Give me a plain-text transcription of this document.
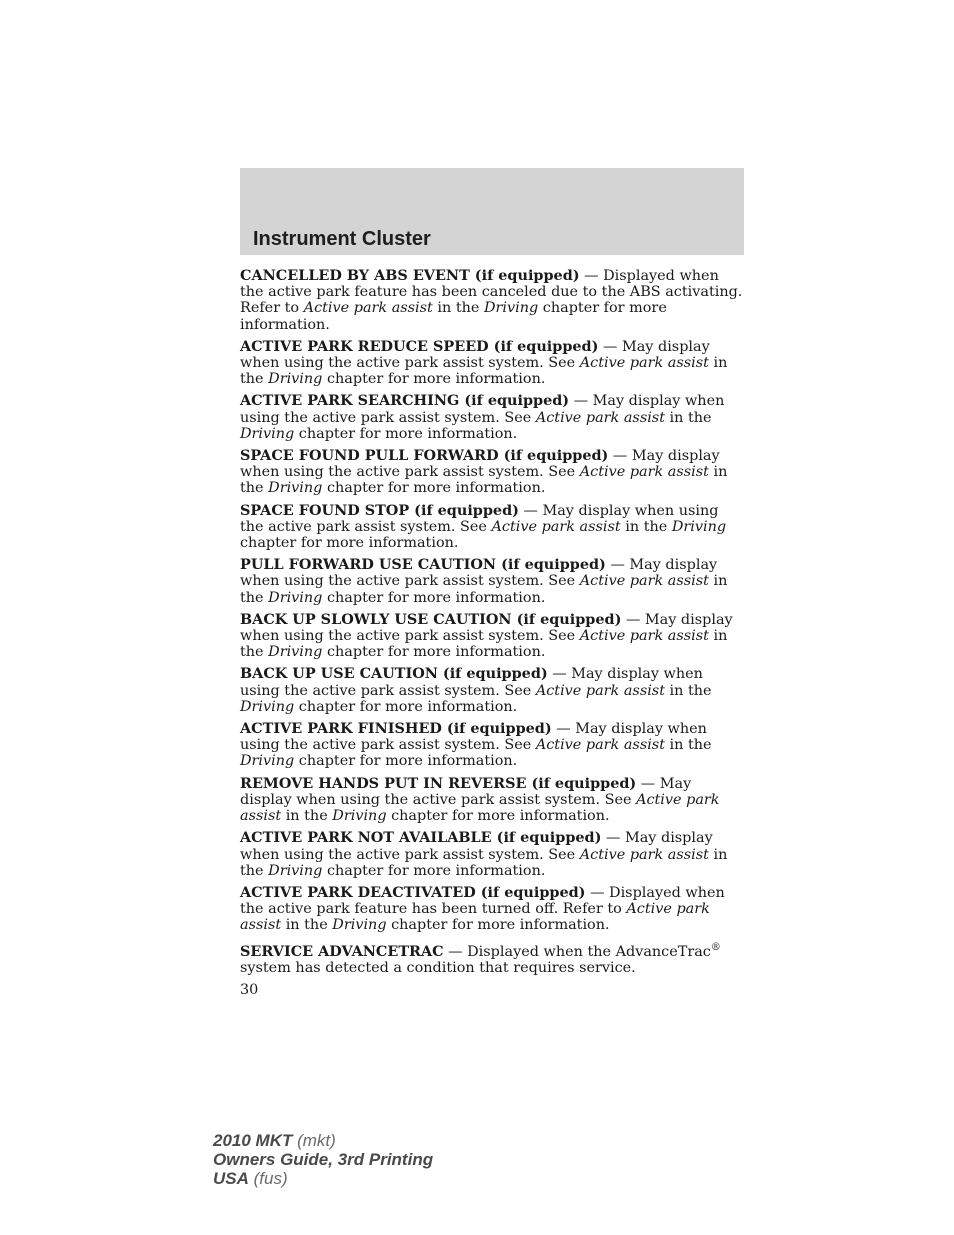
Instrument Cluster

CANCELLED BY ABS EVENT (if equipped) — Displayed when the active park feature has been canceled due to the ABS activating. Refer to Active park assist in the Driving chapter for more information.

ACTIVE PARK REDUCE SPEED (if equipped) — May display when using the active park assist system. See Active park assist in the Driving chapter for more information.

ACTIVE PARK SEARCHING (if equipped) — May display when using the active park assist system. See Active park assist in the Driving chapter for more information.

SPACE FOUND PULL FORWARD (if equipped) — May display when using the active park assist system. See Active park assist in the Driving chapter for more information.

SPACE FOUND STOP (if equipped) — May display when using the active park assist system. See Active park assist in the Driving chapter for more information.

PULL FORWARD USE CAUTION (if equipped) — May display when using the active park assist system. See Active park assist in the Driving chapter for more information.

BACK UP SLOWLY USE CAUTION (if equipped) — May display when using the active park assist system. See Active park assist in the Driving chapter for more information.

BACK UP USE CAUTION (if equipped) — May display when using the active park assist system. See Active park assist in the Driving chapter for more information.

ACTIVE PARK FINISHED (if equipped) — May display when using the active park assist system. See Active park assist in the Driving chapter for more information.

REMOVE HANDS PUT IN REVERSE (if equipped) — May display when using the active park assist system. See Active park assist in the Driving chapter for more information.

ACTIVE PARK NOT AVAILABLE (if equipped) — May display when using the active park assist system. See Active park assist in the Driving chapter for more information.

ACTIVE PARK DEACTIVATED (if equipped) — Displayed when the active park feature has been turned off. Refer to Active park assist in the Driving chapter for more information.

SERVICE ADVANCETRAC — Displayed when the AdvanceTrac® system has detected a condition that requires service.

30
2010 MKT (mkt)
Owners Guide, 3rd Printing
USA (fus)
